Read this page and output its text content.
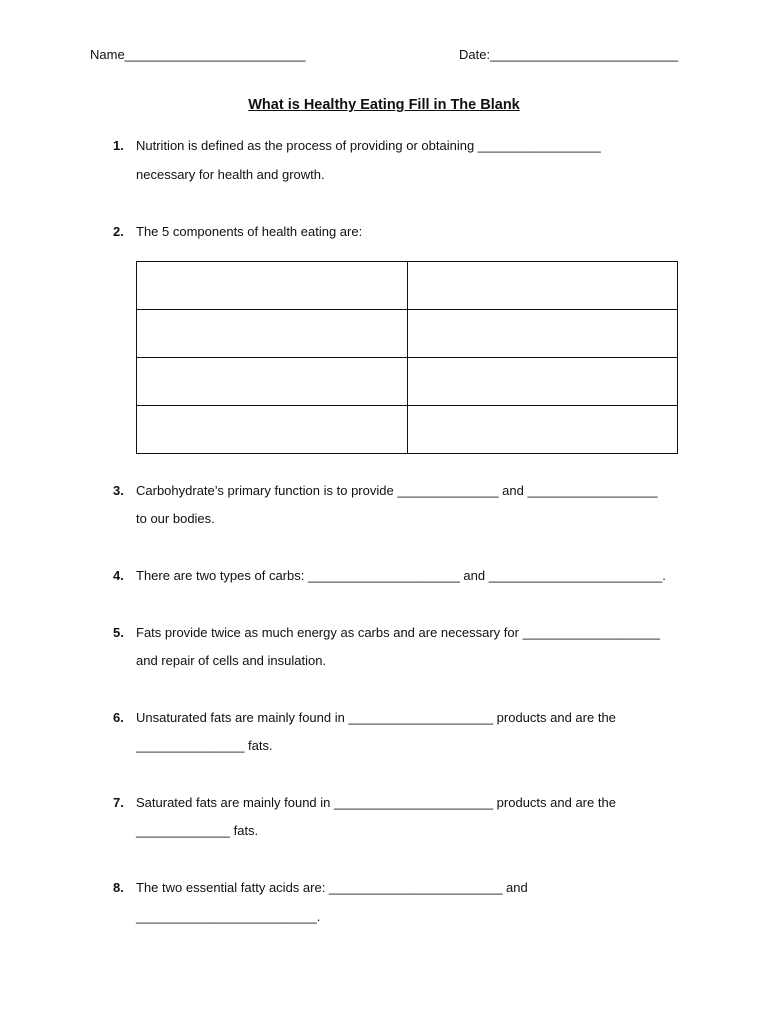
Name_________________________	Date:__________________________
What is Healthy Eating Fill in The Blank
1. Nutrition is defined as the process of providing or obtaining _________________
necessary for health and growth.
2. The 5 components of health eating are:

3. Carbohydrate’s primary function is to provide ______________ and __________________
to our bodies.
4. There are two types of carbs: _____________________ and ________________________.
5. Fats provide twice as much energy as carbs and are necessary for ___________________
and repair of cells and insulation.
6. Unsaturated fats are mainly found in ____________________ products and are the
_______________ fats.
7. Saturated fats are mainly found in ______________________ products and are the
_____________ fats.
8. The two essential fatty acids are: ________________________ and
_________________________.
